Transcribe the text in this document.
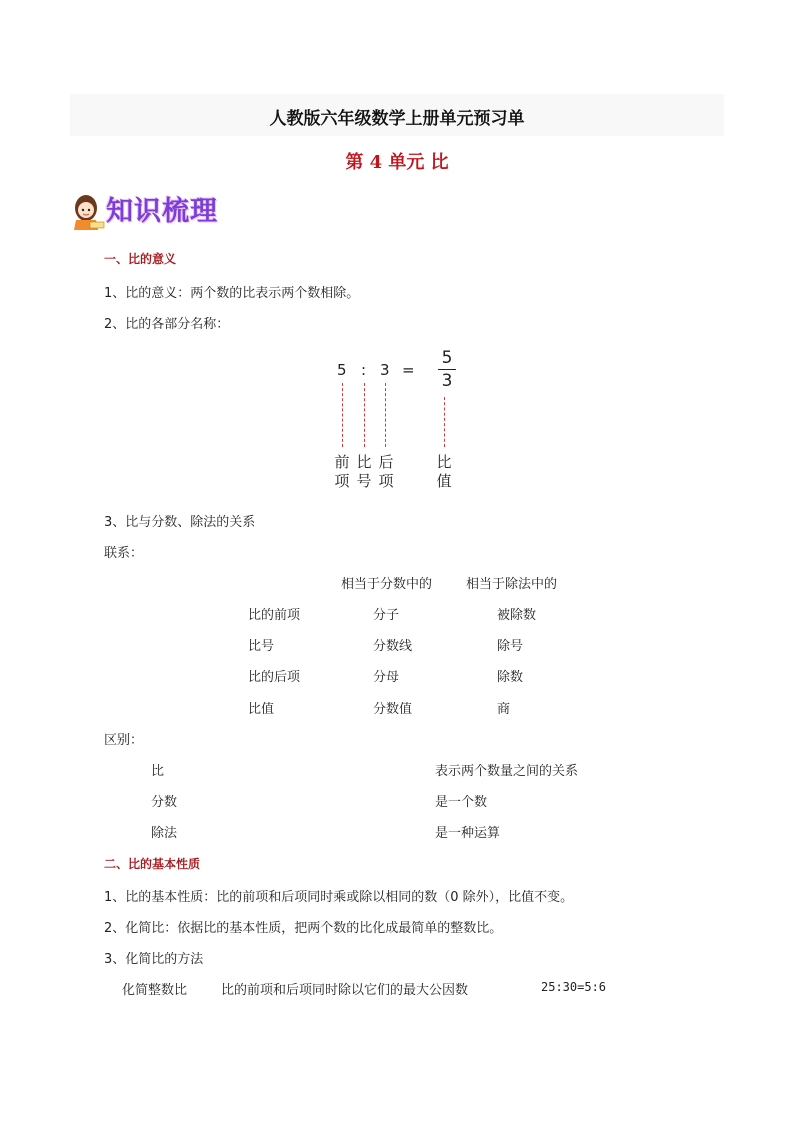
人教版六年级数学上册单元预习单
第 4 单元 比
知识梳理
一、比的意义
1、比的意义：两个数的比表示两个数相除。
2、比的各部分名称：
5 : 3 =
5
3
前项
比号
后项
比值
3、比与分数、除法的关系
联系：
相当于分数中的	相当于除法中的
比的前项	分子	被除数
比号	分数线	除号
比的后项	分母	除数
比值	分数值	商
区别：
比	表示两个数量之间的关系
分数	是一个数
除法	是一种运算
二、比的基本性质
1、比的基本性质：比的前项和后项同时乘或除以相同的数（0 除外），比值不变。
2、化简比：依据比的基本性质，把两个数的比化成最简单的整数比。
3、化简比的方法
化简整数比	比的前项和后项同时除以它们的最大公因数	25:30=5:6
